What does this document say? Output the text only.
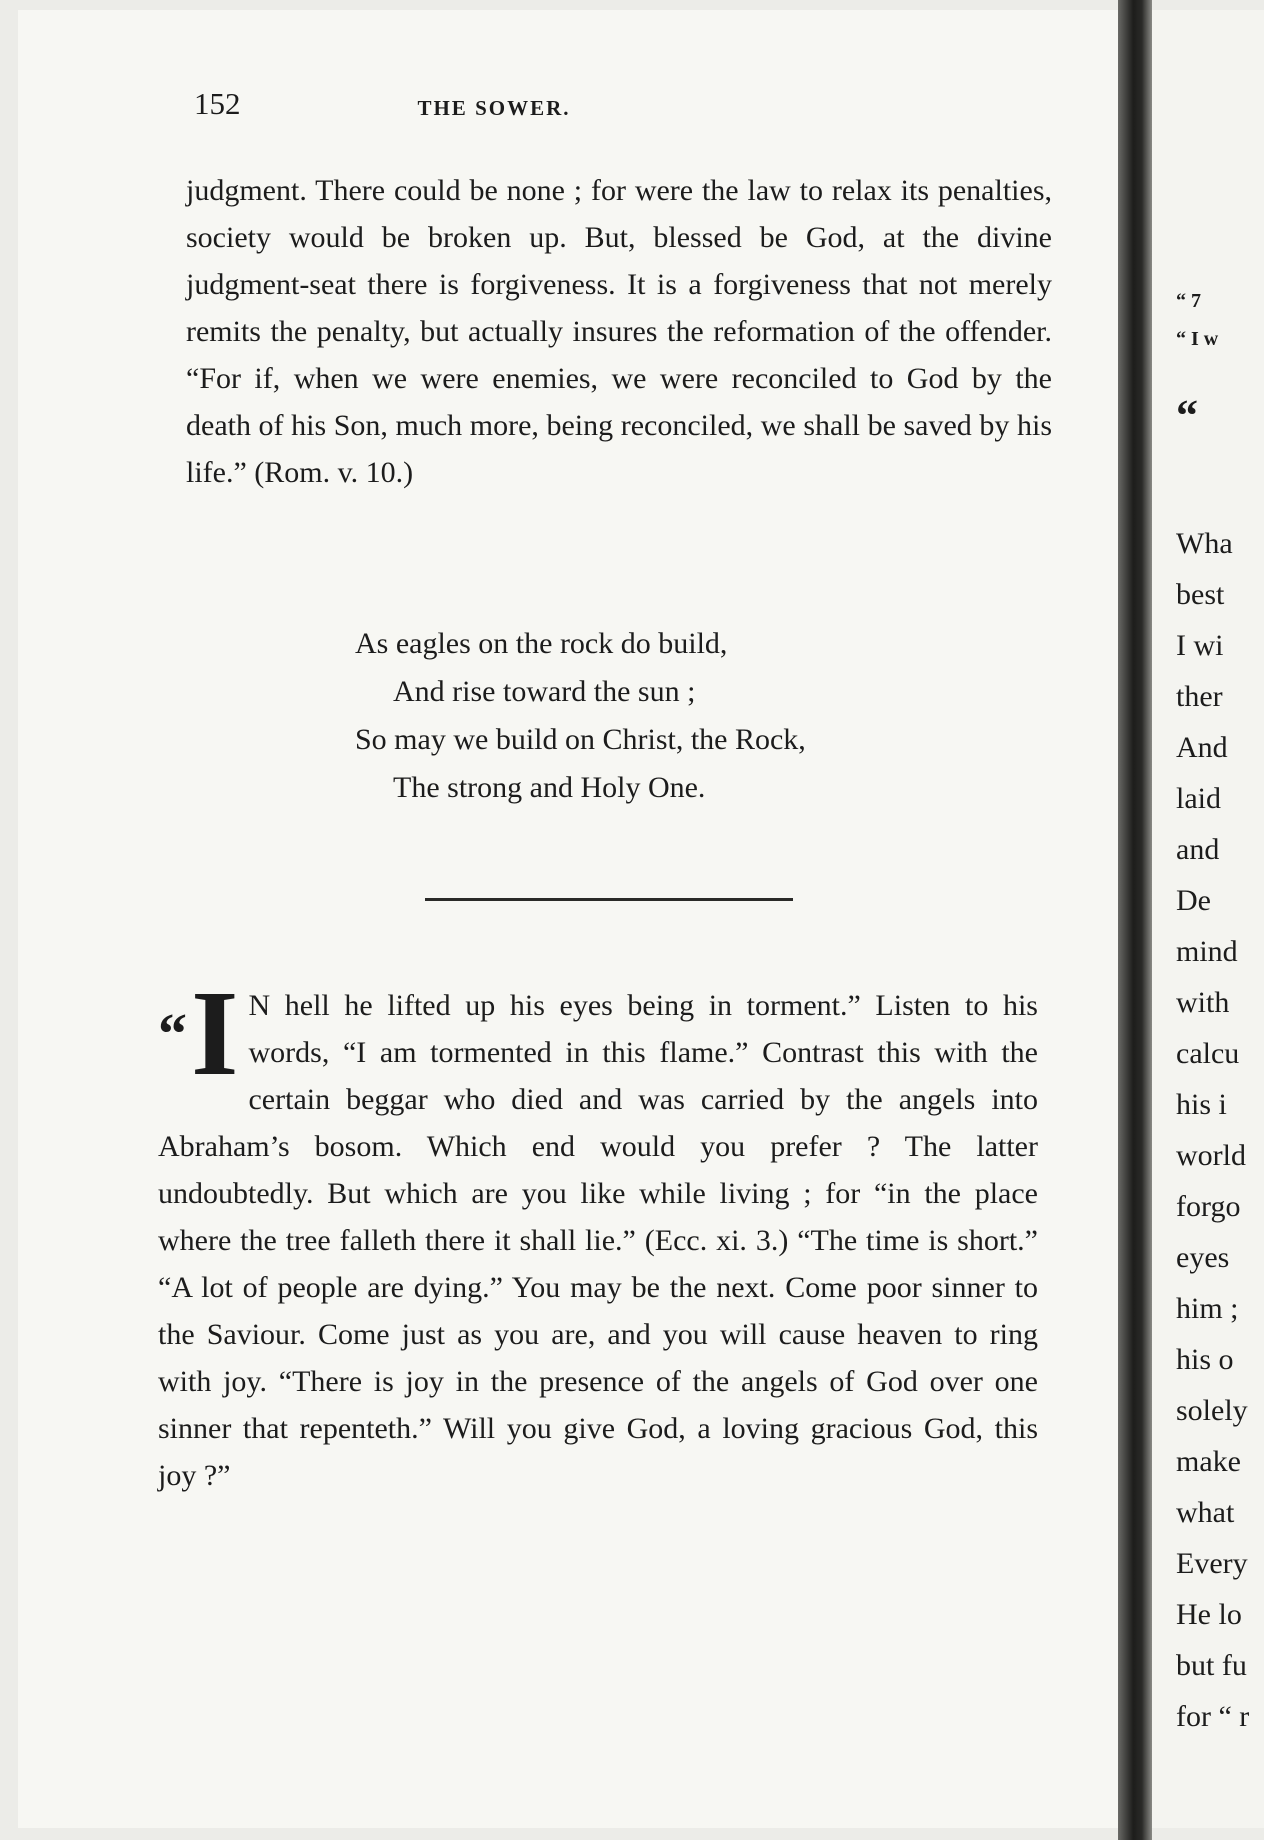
152	THE SOWER.

judgment. There could be none ; for were the law to relax its penalties, society would be broken up. But, blessed be God, at the divine judgment-seat there is forgiveness. It is a forgiveness that not merely remits the penalty, but actually insures the reformation of the offender. “For if, when we were enemies, we were reconciled to God by the death of his Son, much more, being reconciled, we shall be saved by his life.” (Rom. v. 10.)

As eagles on the rock do build,
And rise toward the sun ;
So may we build on Christ, the Rock,
The strong and Holy One.

“I N hell he lifted up his eyes being in torment.” Listen to his words, “I am tormented in this flame.” Contrast this with the certain beggar who died and was carried by the angels into Abraham’s bosom. Which end would you prefer ? The latter undoubtedly. But which are you like while living ; for “in the place where the tree falleth there it shall lie.” (Ecc. xi. 3.) “The time is short.” “A lot of people are dying.” You may be the next. Come poor sinner to the Saviour. Come just as you are, and you will cause heaven to ring with joy. “There is joy in the presence of the angels of God over one sinner that repenteth.” Will you give God, a loving gracious God, this joy ?”

“ 7
“ I w
“
Wha
best
I wi
ther
And
laid
and
De
mind
with
calcu
his i
world
forgo
eyes
him ;
his o
solely
make
what
Every
He lo
but fu
for “ r
